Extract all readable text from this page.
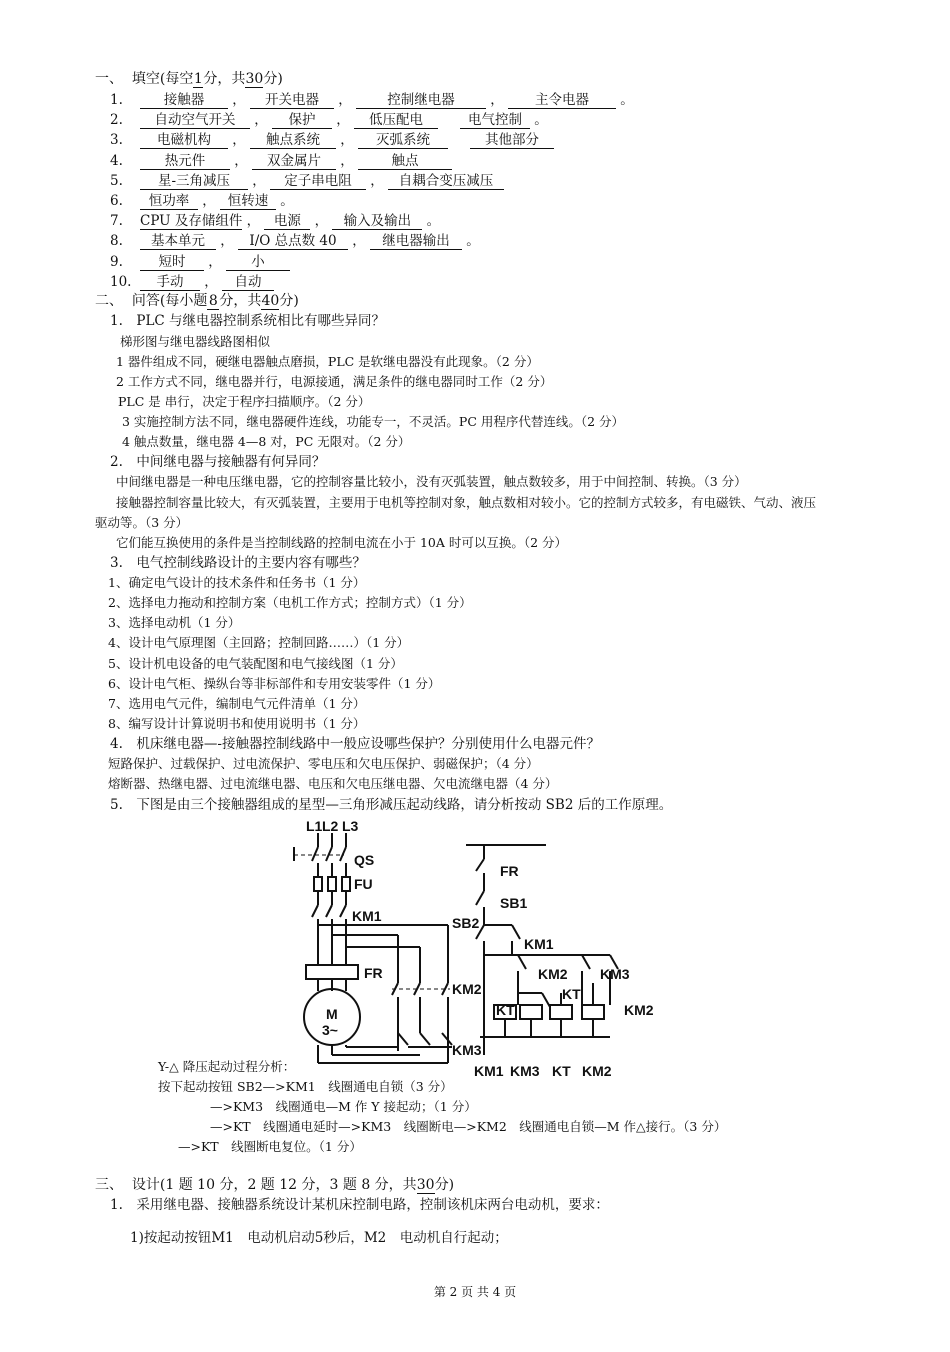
一、 填空(每空1分，共30分)
1.	接触器 ， 开关电器 ，	控制继电器	， 主令电器 。
2. 自动空气开关 ， 保护 ， 低压配电	电气控制 。
3.	电磁机构 ， 触点系统 ， 灭弧系统	其他部分
4.	热元件 ， 双金属片 ，	触点
5.	星-三角减压 ， 定子串电阻 ， 自耦合变压减压
6. 恒功率 ， 恒转速 。
7. CPU 及存储组件 ， 电源 ， 输入及输出 。
8. 基本单元 ， I/O 总点数 40 ， 继电器输出 。
9.	短时 ， 小
10. 手动 ， 自动
二、 问答(每小题 8 分，共40分)
1.　PLC 与继电器控制系统相比有哪些异同？
梯形图与继电器线路图相似
1 器件组成不同，硬继电器触点磨损，PLC 是软继电器没有此现象。（2 分）
2 工作方式不同，继电器并行，电源接通，满足条件的继电器同时工作（2 分）
PLC 是 串行，决定于程序扫描顺序。（2 分）
3 实施控制方法不同，继电器硬件连线，功能专一，不灵活。PC 用程序代替连线。（2 分）
4 触点数量，继电器 4—8 对，PC 无限对。（2 分）
2.　中间继电器与接触器有何异同？
中间继电器是一种电压继电器，它的控制容量比较小，没有灭弧装置，触点数较多，用于中间控制、转换。（3 分）
接触器控制容量比较大，有灭弧装置，主要用于电机等控制对象，触点数相对较小。它的控制方式较多，有电磁铁、气动、液压
驱动等。（3 分）
它们能互换使用的条件是当控制线路的控制电流在小于 10A 时可以互换。（2 分）
3.　电气控制线路设计的主要内容有哪些？
1、确定电气设计的技术条件和任务书（1 分）
2、选择电力拖动和控制方案（电机工作方式；控制方式）（1 分）
3、选择电动机（1 分）
4、设计电气原理图（主回路；控制回路……）（1 分）
5、设计机电设备的电气装配图和电气接线图（1 分）
6、设计电气柜、操纵台等非标部件和专用安装零件（1 分）
7、选用电气元件，编制电气元件清单（1 分）
8、编写设计计算说明书和使用说明书（1 分）
4.　机床继电器—-接触器控制线路中一般应设哪些保护？分别使用什么电器元件？
短路保护、过载保护、过电流保护、零电压和欠电压保护、弱磁保护；（4 分）
熔断器、热继电器、过电流继电器、电压和欠电压继电器、欠电流继电器（4 分）
5.　下图是由三个接触器组成的星型—三角形减压起动线路，请分析按动 SB2 后的工作原理。
L1 L2 L3
QS
FU
KM1
FR
KM2
KM3
M
3~
FR
SB1
SB2
KM1
KM2 KM3
KT
KT	KM2
KM1 KM3 KT KM2
Y-△ 降压起动过程分析：
按下起动按钮 SB2—>KM1　线圈通电自锁（3 分）
—>KM3　线圈通电—M 作 Y 接起动；（1 分）
—>KT　线圈通电延时—>KM3　线圈断电—>KM2　线圈通电自锁—M 作△接行。（3 分）
—>KT　线圈断电复位。（1 分）
三、 设计(1 题 10 分，2 题 12 分，3 题 8 分，共30分)
1.　采用继电器、接触器系统设计某机床控制电路，控制该机床两台电动机，要求：
1)按起动按钮M1　电动机启动5秒后，M2　电动机自行起动；
第 2 页 共 4 页
